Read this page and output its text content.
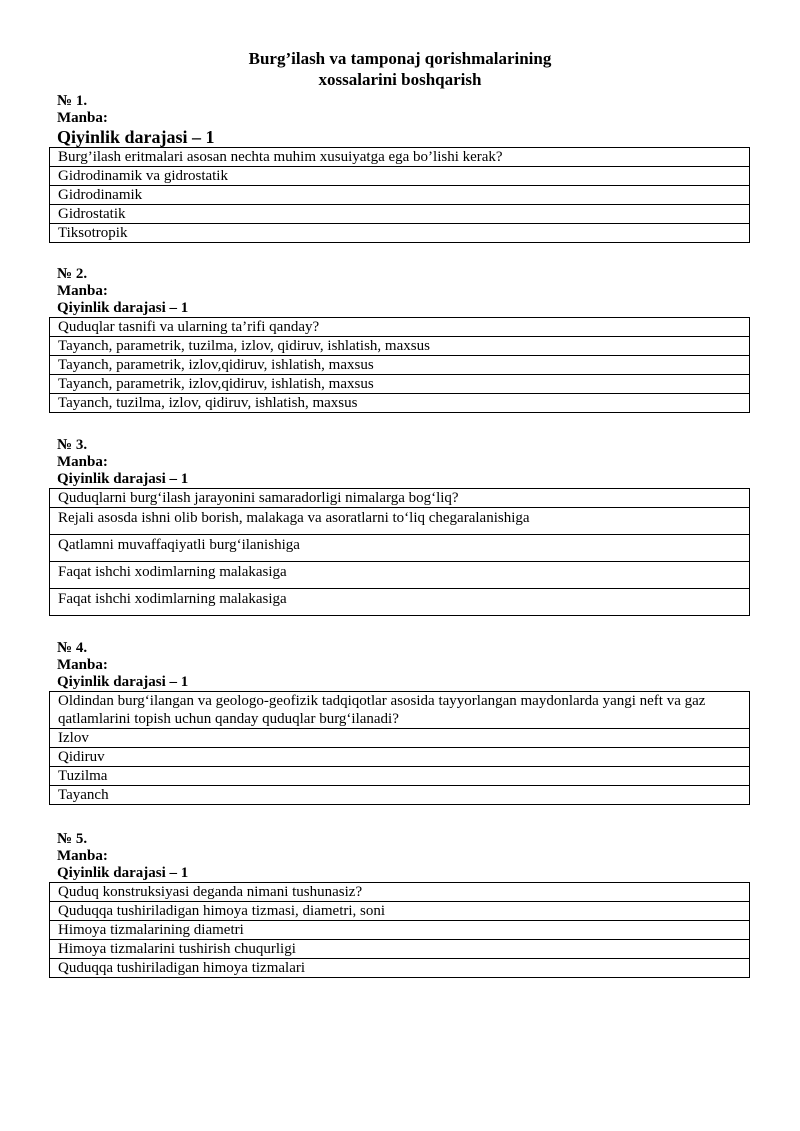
Burg’ilash va tamponaj qorishmalarining
xossalarini boshqarish
№ 1.
Manba:
Qiyinlik darajasi – 1
Burg’ilash eritmalari asosan nechta muhim xusuiyatga ega bo’lishi kerak?
Gidrodinamik va gidrostatik
Gidrodinamik
Gidrostatik
Tiksotropik
№ 2.
Manba:
Qiyinlik darajasi – 1
Quduqlar tasnifi va ularning ta’rifi qanday?
Tayanch, parametrik, tuzilma, izlov, qidiruv, ishlatish, maxsus
Tayanch, parametrik, izlov,qidiruv, ishlatish, maxsus
Tayanch, parametrik, izlov,qidiruv, ishlatish, maxsus
Tayanch, tuzilma, izlov, qidiruv, ishlatish, maxsus
№ 3.
Manba:
Qiyinlik darajasi – 1
Quduqlarni burg‘ilash jarayonini samaradorligi nimalarga bog‘liq?
Rejali asosda ishni olib borish, malakaga va asoratlarni to‘liq chegaralanishiga
Qatlamni muvaffaqiyatli burg‘ilanishiga
Faqat ishchi xodimlarning malakasiga
Faqat ishchi xodimlarning malakasiga
№ 4.
Manba:
Qiyinlik darajasi – 1
Oldindan burg‘ilangan va geologo-geofizik tadqiqotlar asosida tayyorlangan maydonlarda yangi neft va gaz qatlamlarini topish uchun qanday quduqlar burg‘ilanadi?
Izlov
Qidiruv
Tuzilma
Tayanch
№ 5.
Manba:
Qiyinlik darajasi – 1
Quduq konstruksiyasi deganda nimani tushunasiz?
Quduqqa tushiriladigan himoya tizmasi, diametri, soni
Himoya tizmalarining diametri
Himoya tizmalarini tushirish chuqurligi
Quduqqa tushiriladigan himoya tizmalari
